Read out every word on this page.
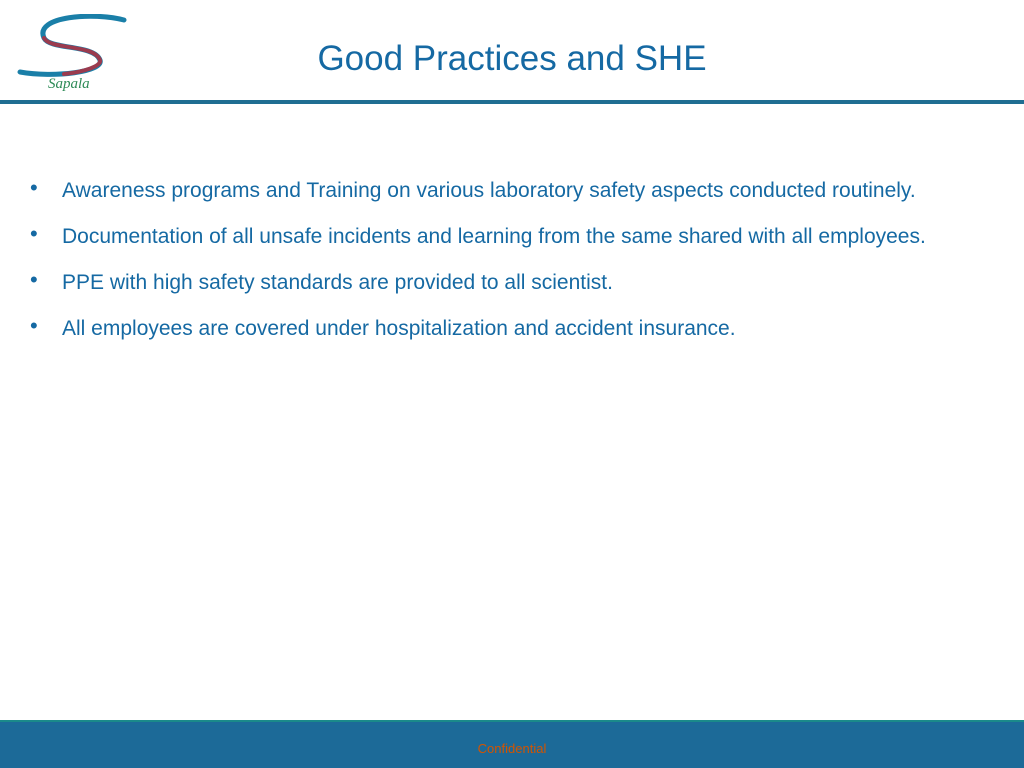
Sapala
Good Practices and SHE
•	Awareness programs and Training on various laboratory safety aspects conducted routinely.
•	Documentation of all unsafe incidents and learning from the same shared with all employees.
•	PPE with high safety standards are provided to all scientist.
•	All employees are covered under hospitalization and accident insurance.
Confidential
